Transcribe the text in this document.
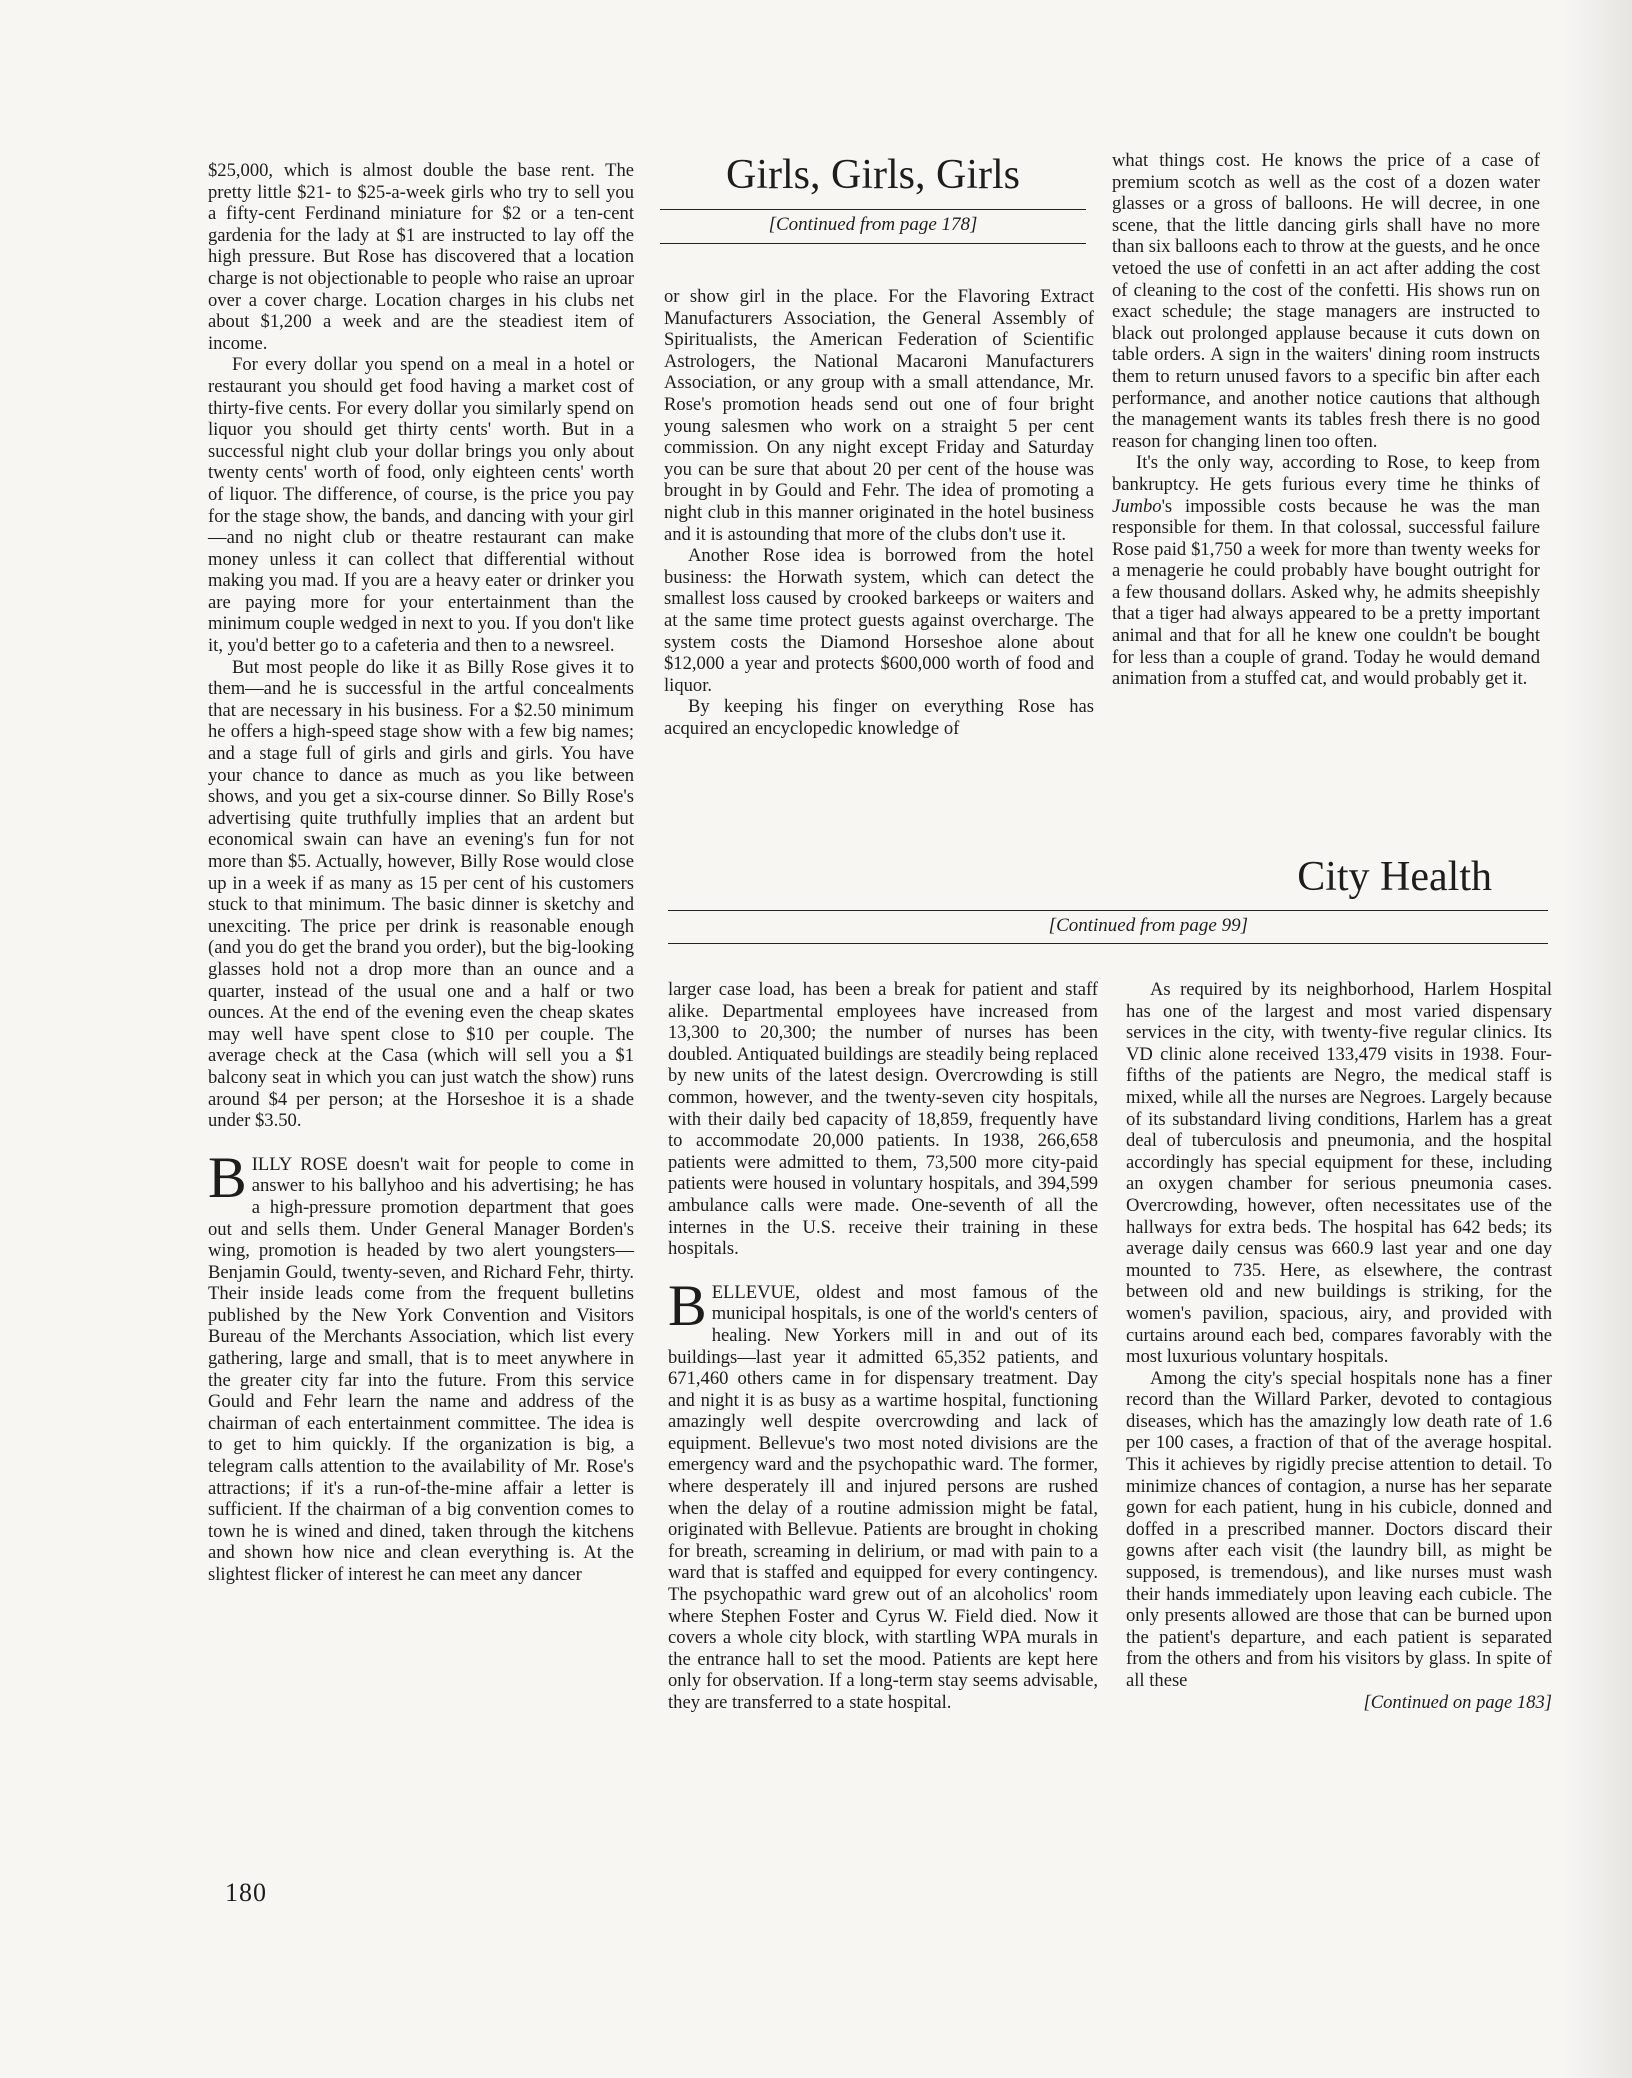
$25,000, which is almost double the base rent. The pretty little $21- to $25-a-week girls who try to sell you a fifty-cent Ferdinand miniature for $2 or a ten-cent gardenia for the lady at $1 are instructed to lay off the high pressure. But Rose has discovered that a location charge is not objectionable to people who raise an uproar over a cover charge. Location charges in his clubs net about $1,200 a week and are the steadiest item of income.

For every dollar you spend on a meal in a hotel or restaurant you should get food having a market cost of thirty-five cents. For every dollar you similarly spend on liquor you should get thirty cents' worth. But in a successful night club your dollar brings you only about twenty cents' worth of food, only eighteen cents' worth of liquor. The difference, of course, is the price you pay for the stage show, the bands, and dancing with your girl—and no night club or theatre restaurant can make money unless it can collect that differential without making you mad. If you are a heavy eater or drinker you are paying more for your entertainment than the minimum couple wedged in next to you. If you don't like it, you'd better go to a cafeteria and then to a newsreel.

But most people do like it as Billy Rose gives it to them—and he is successful in the artful concealments that are necessary in his business. For a $2.50 minimum he offers a high-speed stage show with a few big names; and a stage full of girls and girls and girls. You have your chance to dance as much as you like between shows, and you get a six-course dinner. So Billy Rose's advertising quite truthfully implies that an ardent but economical swain can have an evening's fun for not more than $5. Actually, however, Billy Rose would close up in a week if as many as 15 per cent of his customers stuck to that minimum. The basic dinner is sketchy and unexciting. The price per drink is reasonable enough (and you do get the brand you order), but the big-looking glasses hold not a drop more than an ounce and a quarter, instead of the usual one and a half or two ounces. At the end of the evening even the cheap skates may well have spent close to $10 per couple. The average check at the Casa (which will sell you a $1 balcony seat in which you can just watch the show) runs around $4 per person; at the Horseshoe it is a shade under $3.50.

BILLY ROSE doesn't wait for people to come in answer to his ballyhoo and his advertising; he has a high-pressure promotion department that goes out and sells them. Under General Manager Borden's wing, promotion is headed by two alert youngsters—Benjamin Gould, twenty-seven, and Richard Fehr, thirty. Their inside leads come from the frequent bulletins published by the New York Convention and Visitors Bureau of the Merchants Association, which list every gathering, large and small, that is to meet anywhere in the greater city far into the future. From this service Gould and Fehr learn the name and address of the chairman of each entertainment committee. The idea is to get to him quickly. If the organization is big, a telegram calls attention to the availability of Mr. Rose's attractions; if it's a run-of-the-mine affair a letter is sufficient. If the chairman of a big convention comes to town he is wined and dined, taken through the kitchens and shown how nice and clean everything is. At the slightest flicker of interest he can meet any dancer

Girls, Girls, Girls

[Continued from page 178]

or show girl in the place. For the Flavoring Extract Manufacturers Association, the General Assembly of Spiritualists, the American Federation of Scientific Astrologers, the National Macaroni Manufacturers Association, or any group with a small attendance, Mr. Rose's promotion heads send out one of four bright young salesmen who work on a straight 5 per cent commission. On any night except Friday and Saturday you can be sure that about 20 per cent of the house was brought in by Gould and Fehr. The idea of promoting a night club in this manner originated in the hotel business and it is astounding that more of the clubs don't use it.

Another Rose idea is borrowed from the hotel business: the Horwath system, which can detect the smallest loss caused by crooked barkeeps or waiters and at the same time protect guests against overcharge. The system costs the Diamond Horseshoe alone about $12,000 a year and protects $600,000 worth of food and liquor.

By keeping his finger on everything Rose has acquired an encyclopedic knowledge of

what things cost. He knows the price of a case of premium scotch as well as the cost of a dozen water glasses or a gross of balloons. He will decree, in one scene, that the little dancing girls shall have no more than six balloons each to throw at the guests, and he once vetoed the use of confetti in an act after adding the cost of cleaning to the cost of the confetti. His shows run on exact schedule; the stage managers are instructed to black out prolonged applause because it cuts down on table orders. A sign in the waiters' dining room instructs them to return unused favors to a specific bin after each performance, and another notice cautions that although the management wants its tables fresh there is no good reason for changing linen too often.

It's the only way, according to Rose, to keep from bankruptcy. He gets furious every time he thinks of Jumbo's impossible costs because he was the man responsible for them. In that colossal, successful failure Rose paid $1,750 a week for more than twenty weeks for a menagerie he could probably have bought outright for a few thousand dollars. Asked why, he admits sheepishly that a tiger had always appeared to be a pretty important animal and that for all he knew one couldn't be bought for less than a couple of grand. Today he would demand animation from a stuffed cat, and would probably get it.

City Health

[Continued from page 99]

larger case load, has been a break for patient and staff alike. Departmental employees have increased from 13,300 to 20,300; the number of nurses has been doubled. Antiquated buildings are steadily being replaced by new units of the latest design. Overcrowding is still common, however, and the twenty-seven city hospitals, with their daily bed capacity of 18,859, frequently have to accommodate 20,000 patients. In 1938, 266,658 patients were admitted to them, 73,500 more city-paid patients were housed in voluntary hospitals, and 394,599 ambulance calls were made. One-seventh of all the internes in the U.S. receive their training in these hospitals.

BELLEVUE, oldest and most famous of the municipal hospitals, is one of the world's centers of healing. New Yorkers mill in and out of its buildings—last year it admitted 65,352 patients, and 671,460 others came in for dispensary treatment. Day and night it is as busy as a wartime hospital, functioning amazingly well despite overcrowding and lack of equipment. Bellevue's two most noted divisions are the emergency ward and the psychopathic ward. The former, where desperately ill and injured persons are rushed when the delay of a routine admission might be fatal, originated with Bellevue. Patients are brought in choking for breath, screaming in delirium, or mad with pain to a ward that is staffed and equipped for every contingency. The psychopathic ward grew out of an alcoholics' room where Stephen Foster and Cyrus W. Field died. Now it covers a whole city block, with startling WPA murals in the entrance hall to set the mood. Patients are kept here only for observation. If a long-term stay seems advisable, they are transferred to a state hospital.

As required by its neighborhood, Harlem Hospital has one of the largest and most varied dispensary services in the city, with twenty-five regular clinics. Its VD clinic alone received 133,479 visits in 1938. Four-fifths of the patients are Negro, the medical staff is mixed, while all the nurses are Negroes. Largely because of its substandard living conditions, Harlem has a great deal of tuberculosis and pneumonia, and the hospital accordingly has special equipment for these, including an oxygen chamber for serious pneumonia cases. Overcrowding, however, often necessitates use of the hallways for extra beds. The hospital has 642 beds; its average daily census was 660.9 last year and one day mounted to 735. Here, as elsewhere, the contrast between old and new buildings is striking, for the women's pavilion, spacious, airy, and provided with curtains around each bed, compares favorably with the most luxurious voluntary hospitals.

Among the city's special hospitals none has a finer record than the Willard Parker, devoted to contagious diseases, which has the amazingly low death rate of 1.6 per 100 cases, a fraction of that of the average hospital. This it achieves by rigidly precise attention to detail. To minimize chances of contagion, a nurse has her separate gown for each patient, hung in his cubicle, donned and doffed in a prescribed manner. Doctors discard their gowns after each visit (the laundry bill, as might be supposed, is tremendous), and like nurses must wash their hands immediately upon leaving each cubicle. The only presents allowed are those that can be burned upon the patient's departure, and each patient is separated from the others and from his visitors by glass. In spite of all these

[Continued on page 183]

180
